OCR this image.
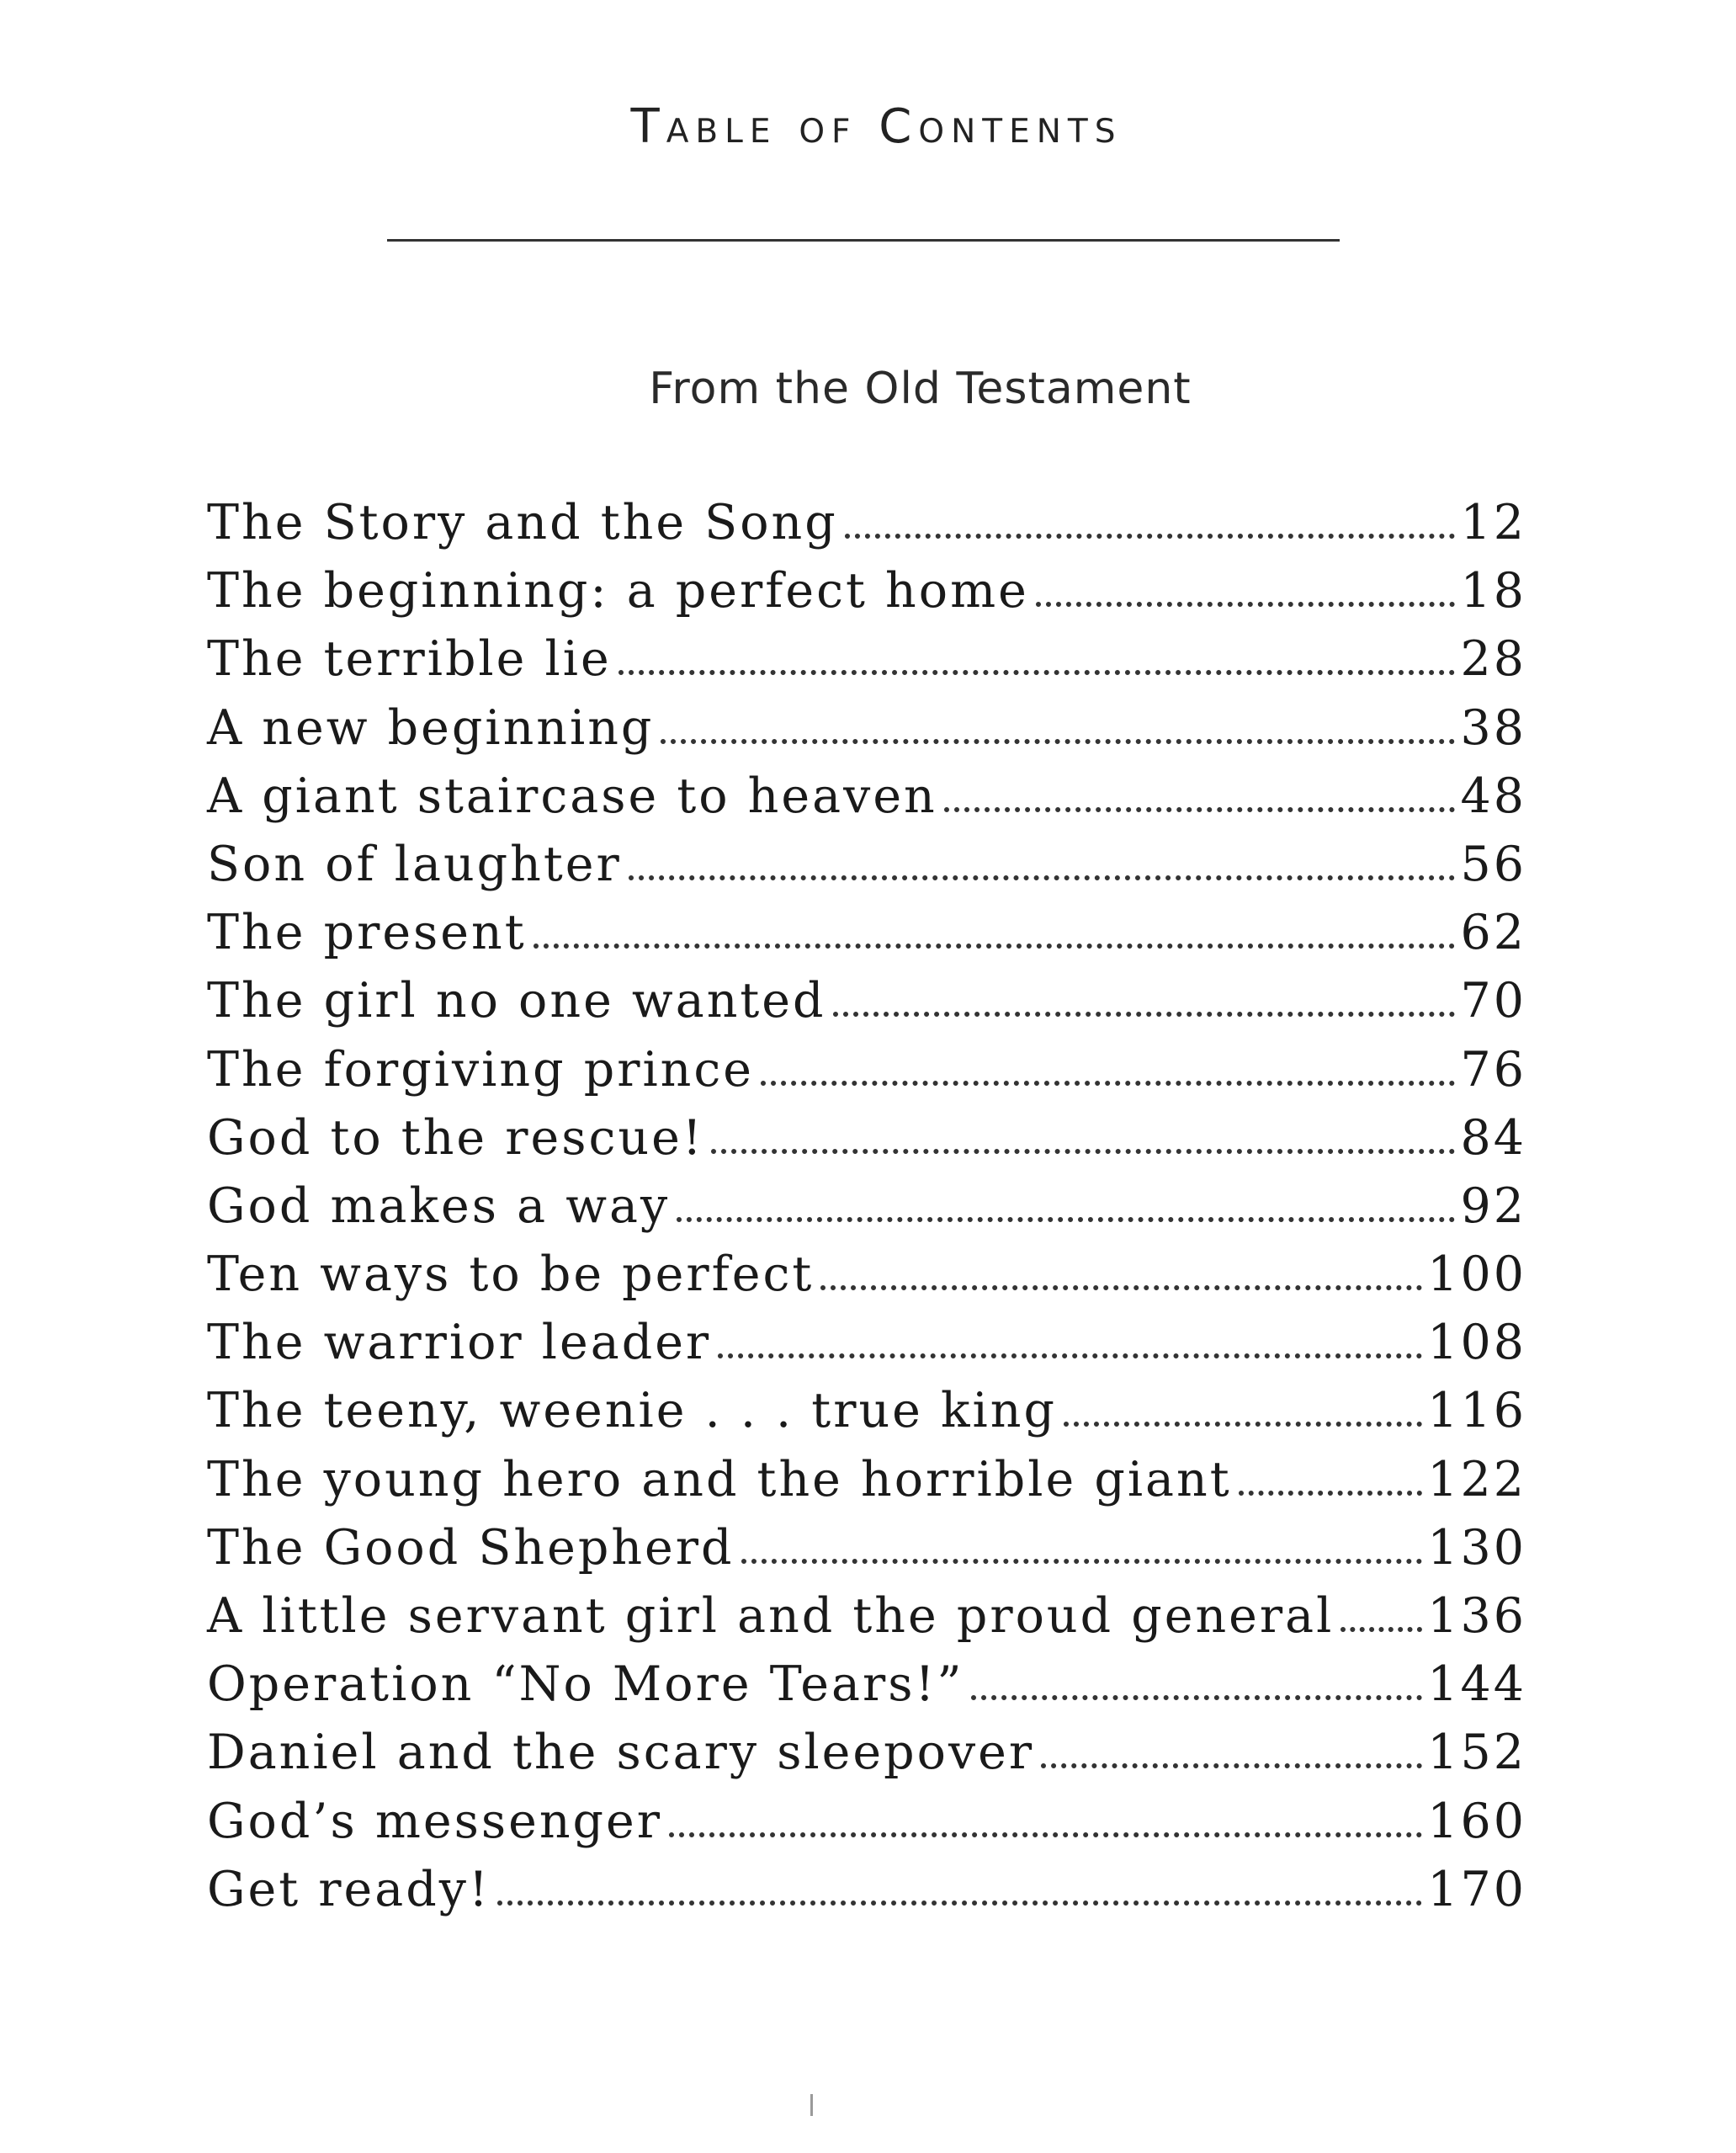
Table of Contents
From the Old Testament
The Story and the Song	12
The beginning: a perfect home	18
The terrible lie	28
A new beginning	38
A giant staircase to heaven	48
Son of laughter	56
The present	62
The girl no one wanted	70
The forgiving prince	76
God to the rescue!	84
God makes a way	92
Ten ways to be perfect	100
The warrior leader	108
The teeny, weenie . . . true king	116
The young hero and the horrible giant	122
The Good Shepherd	130
A little servant girl and the proud general 136
Operation “No More Tears!”	144
Daniel and the scary sleepover	152
God’s messenger	160
Get ready!	170
